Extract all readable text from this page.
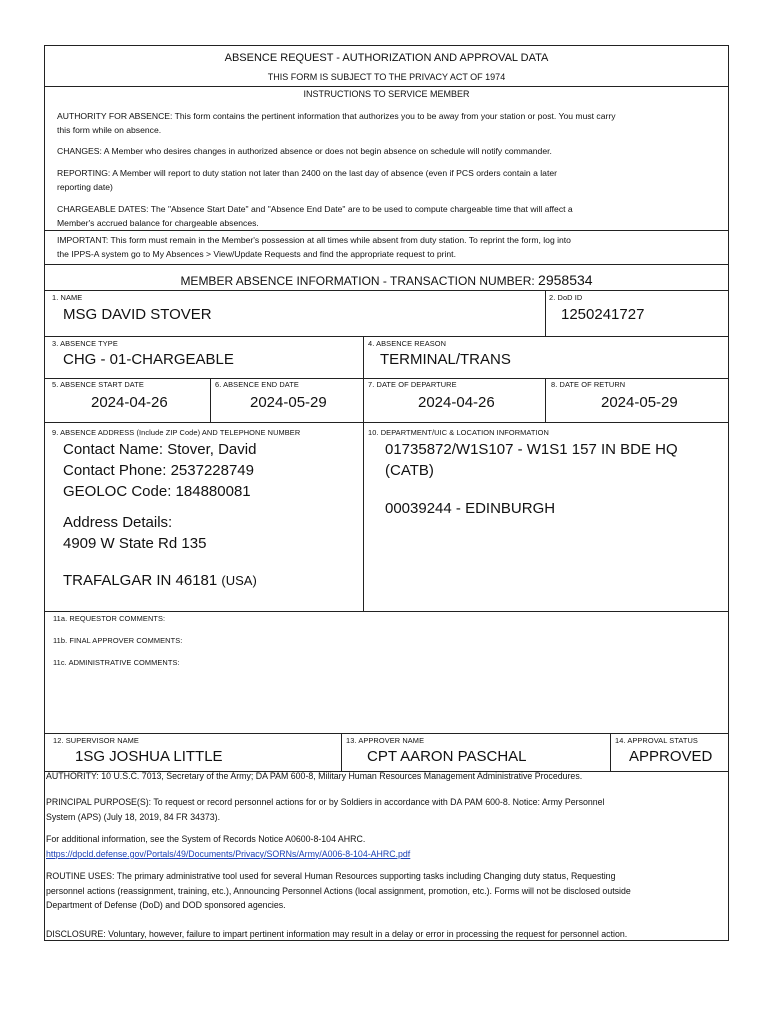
ABSENCE REQUEST - AUTHORIZATION AND APPROVAL DATA
THIS FORM IS SUBJECT TO THE PRIVACY ACT OF 1974
INSTRUCTIONS TO SERVICE MEMBER

AUTHORITY FOR ABSENCE: This form contains the pertinent information that authorizes you to be away from your station or post. You must carry

this form while on absence.

CHANGES: A Member who desires changes in authorized absence or does not begin absence on schedule will notify commander.

REPORTING: A Member will report to duty station not later than 2400 on the last day of absence (even if PCS orders contain a later

reporting date)

CHARGEABLE DATES: The "Absence Start Date" and "Absence End Date" are to be used to compute chargeable time that will affect a

Member's accrued balance for chargeable absences.

IMPORTANT: This form must remain in the Member's possession at all times while absent from duty station. To reprint the form, log into

the IPPS-A system go to My Absences > View/Update Requests and find the appropriate request to print.

MEMBER ABSENCE INFORMATION - TRANSACTION NUMBER: 2958534
1. NAME
MSG DAVID STOVER
2. DoD ID
1250241727
3. ABSENCE TYPE
CHG - 01-CHARGEABLE
4. ABSENCE REASON
TERMINAL/TRANS
5. ABSENCE START DATE
2024-04-26
6. ABSENCE END DATE
2024-05-29
7. DATE OF DEPARTURE
2024-04-26
8. DATE OF RETURN
2024-05-29
9. ABSENCE ADDRESS (Include ZIP Code) AND TELEPHONE NUMBER
Contact Name: Stover, David
Contact Phone: 2537228749
GEOLOC Code: 184880081
Address Details:
4909 W State Rd 135
TRAFALGAR IN 46181 (USA)
10. DEPARTMENT/UIC & LOCATION INFORMATION
01735872/W1S107 - W1S1 157 IN BDE HQ
(CATB)
00039244 - EDINBURGH
11a. REQUESTOR COMMENTS:
11b. FINAL APPROVER COMMENTS:
11c. ADMINISTRATIVE COMMENTS:
12. SUPERVISOR NAME
1SG JOSHUA LITTLE
13. APPROVER NAME
CPT AARON PASCHAL
14. APPROVAL STATUS
APPROVED
AUTHORITY: 10 U.S.C. 7013, Secretary of the Army; DA PAM 600-8, Military Human Resources Management Administrative Procedures.
PRINCIPAL PURPOSE(S): To request or record personnel actions for or by Soldiers in accordance with DA PAM 600-8. Notice: Army Personnel
System (APS) (July 18, 2019, 84 FR 34373).
For additional information, see the System of Records Notice A0600-8-104 AHRC.
https://dpcld.defense.gov/Portals/49/Documents/Privacy/SORNs/Army/A006-8-104-AHRC.pdf
ROUTINE USES: The primary administrative tool used for several Human Resources supporting tasks including Changing duty status, Requesting
personnel actions (reassignment, training, etc.), Announcing Personnel Actions (local assignment, promotion, etc.). Forms will not be disclosed outside
Department of Defense (DoD) and DOD sponsored agencies.
DISCLOSURE: Voluntary, however, failure to impart pertinent information may result in a delay or error in processing the request for personnel action.
